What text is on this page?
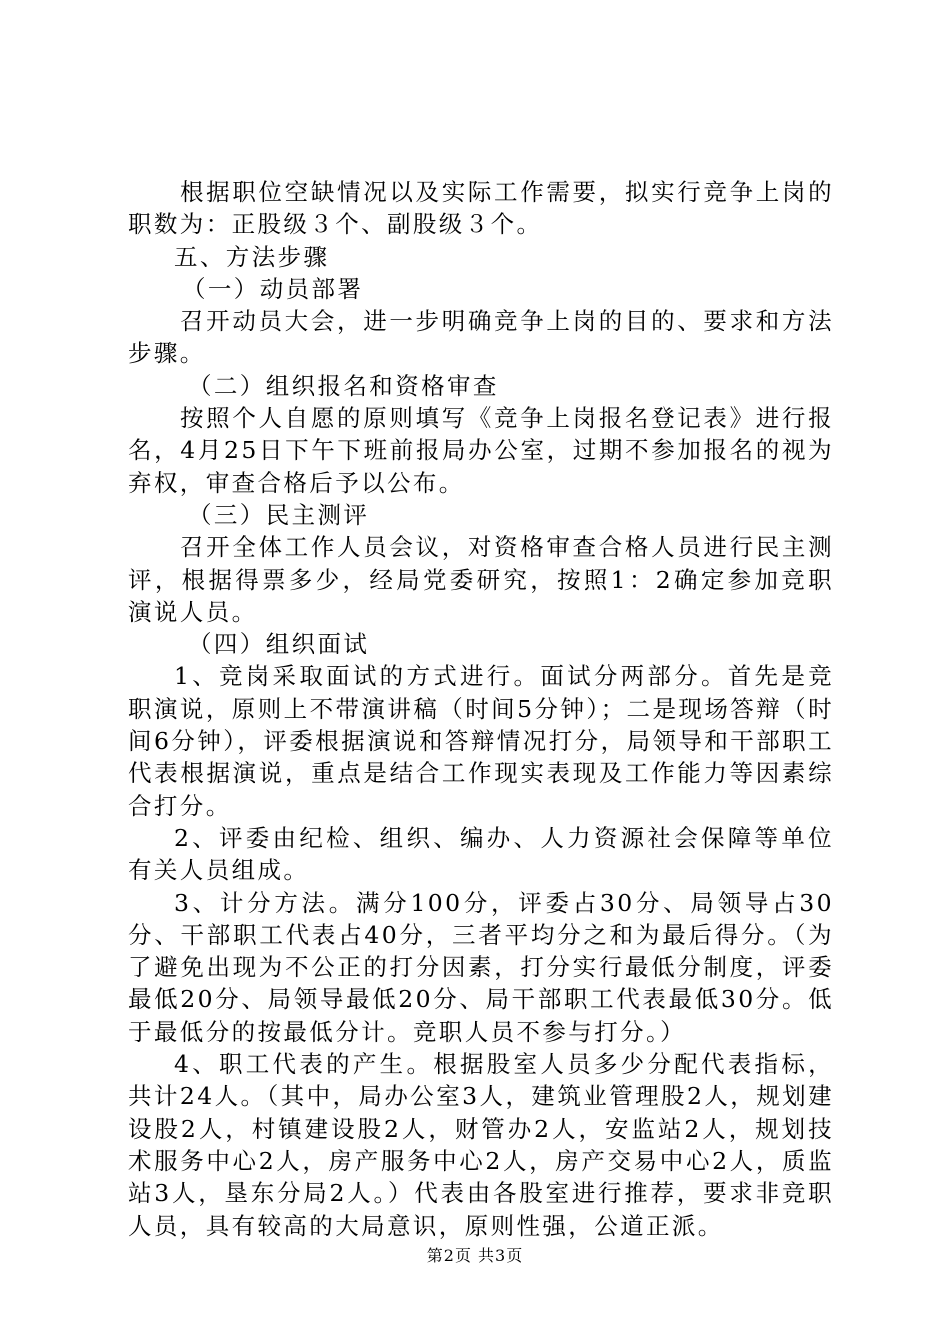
根据职位空缺情况以及实际工作需要，拟实行竞争上岗的职数为：正股级３个、副股级３个。

五、方法步骤

（一）动员部署

召开动员大会，进一步明确竞争上岗的目的、要求和方法步骤。

（二）组织报名和资格审查

按照个人自愿的原则填写《竞争上岗报名登记表》进行报名，4月25日下午下班前报局办公室，过期不参加报名的视为弃权，审查合格后予以公布。

（三）民主测评

召开全体工作人员会议，对资格审查合格人员进行民主测评，根据得票多少，经局党委研究，按照1：2确定参加竞职演说人员。

（四）组织面试

1、竞岗采取面试的方式进行。面试分两部分。首先是竞职演说，原则上不带演讲稿（时间5分钟）；二是现场答辩（时间6分钟），评委根据演说和答辩情况打分，局领导和干部职工代表根据演说，重点是结合工作现实表现及工作能力等因素综合打分。

2、评委由纪检、组织、编办、人力资源社会保障等单位有关人员组成。

3、计分方法。满分100分，评委占30分、局领导占30分、干部职工代表占40分，三者平均分之和为最后得分。（为了避免出现为不公正的打分因素，打分实行最低分制度，评委最低20分、局领导最低20分、局干部职工代表最低30分。低于最低分的按最低分计。竞职人员不参与打分。）

4、职工代表的产生。根据股室人员多少分配代表指标，共计24人。（其中，局办公室3人，建筑业管理股2人，规划建设股2人，村镇建设股2人，财管办2人，安监站2人，规划技术服务中心2人，房产服务中心2人，房产交易中心2人，质监站3人，垦东分局2人。）代表由各股室进行推荐，要求非竞职人员，具有较高的大局意识，原则性强，公道正派。

第2页 共3页
